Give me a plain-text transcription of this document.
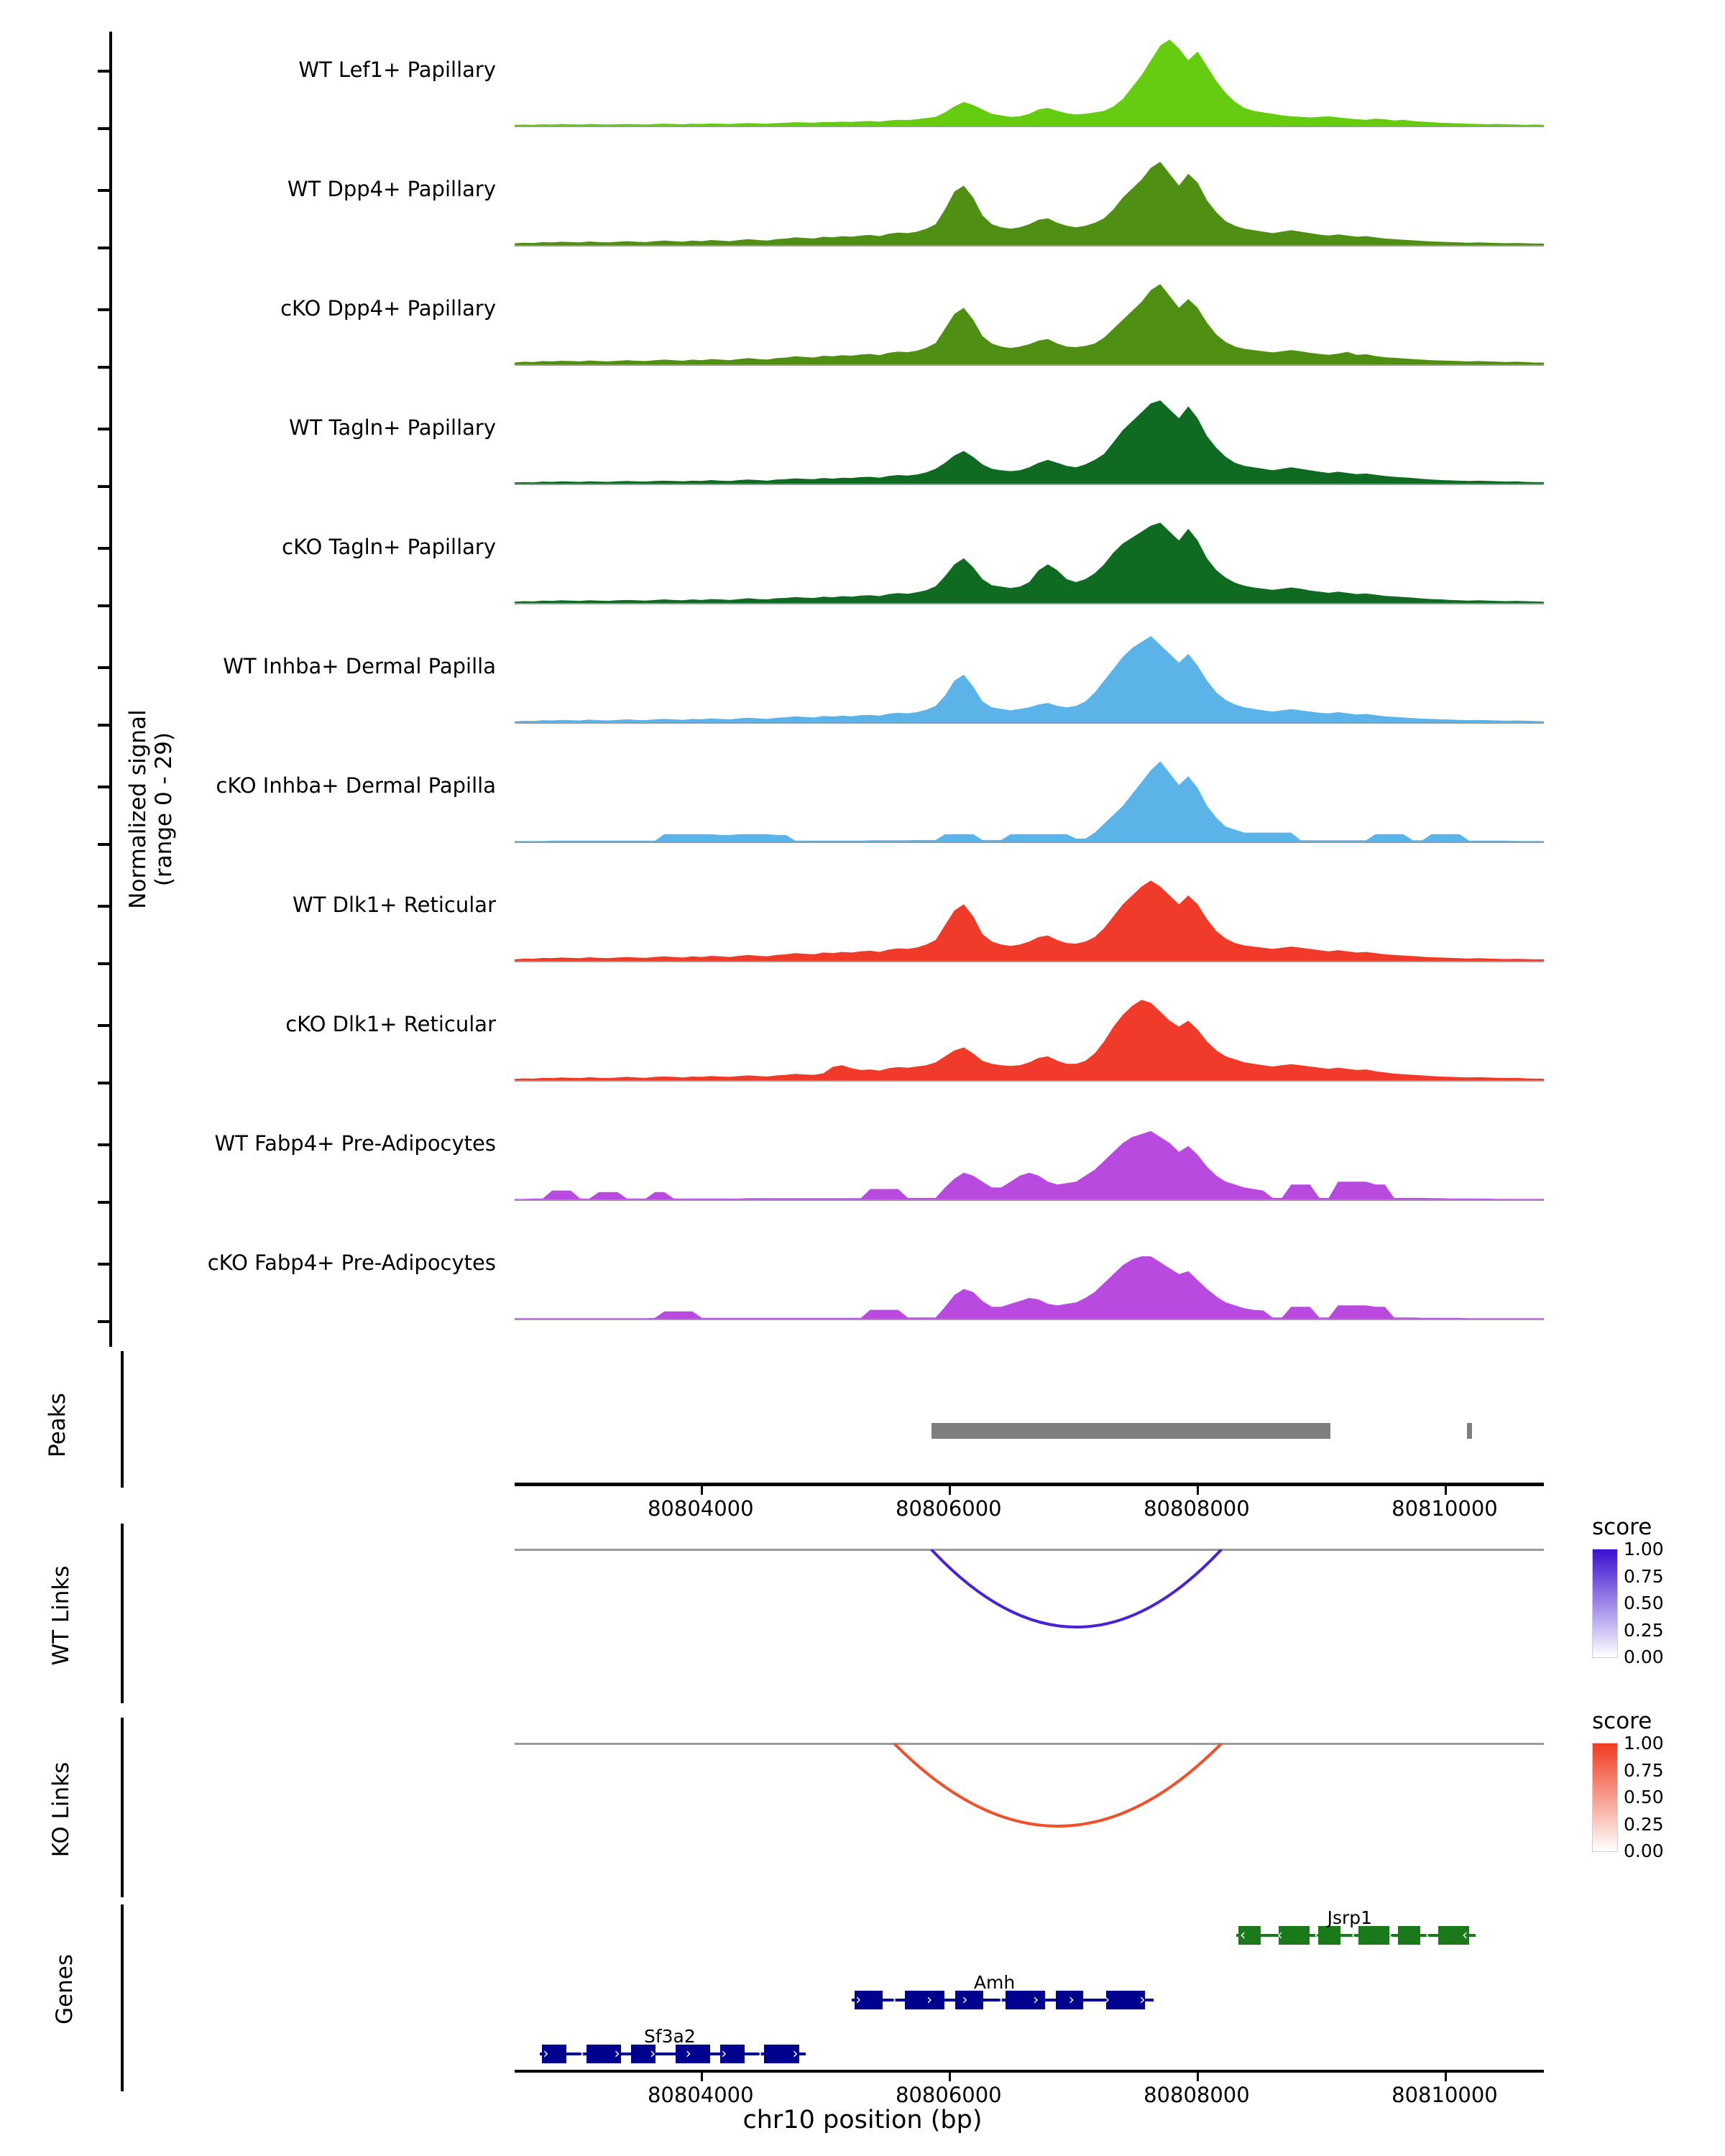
Normalized signal
(range 0 - 29)
WT Lef1+ Papillary
WT Dpp4+ Papillary
cKO Dpp4+ Papillary
WT Tagln+ Papillary
cKO Tagln+ Papillary
WT Inhba+ Dermal Papilla
cKO Inhba+ Dermal Papilla
WT Dlk1+ Reticular
cKO Dlk1+ Reticular
WT Fabp4+ Pre-Adipocytes
cKO Fabp4+ Pre-Adipocytes
Peaks
80804000	80806000	80808000	80810000
WT Links
KO Links
Genes
›	›	›	›	›	›	›	›
Sf3a2
›	›	›	›	›	›	›	›	›
Amh
‹	‹	‹	‹	‹	‹	‹
Jsrp1
80804000	80806000	80808000	80810000
chr10 position (bp)
score
1.00
0.75
0.50
0.25
0.00
score
1.00
0.75
0.50
0.25
0.00
